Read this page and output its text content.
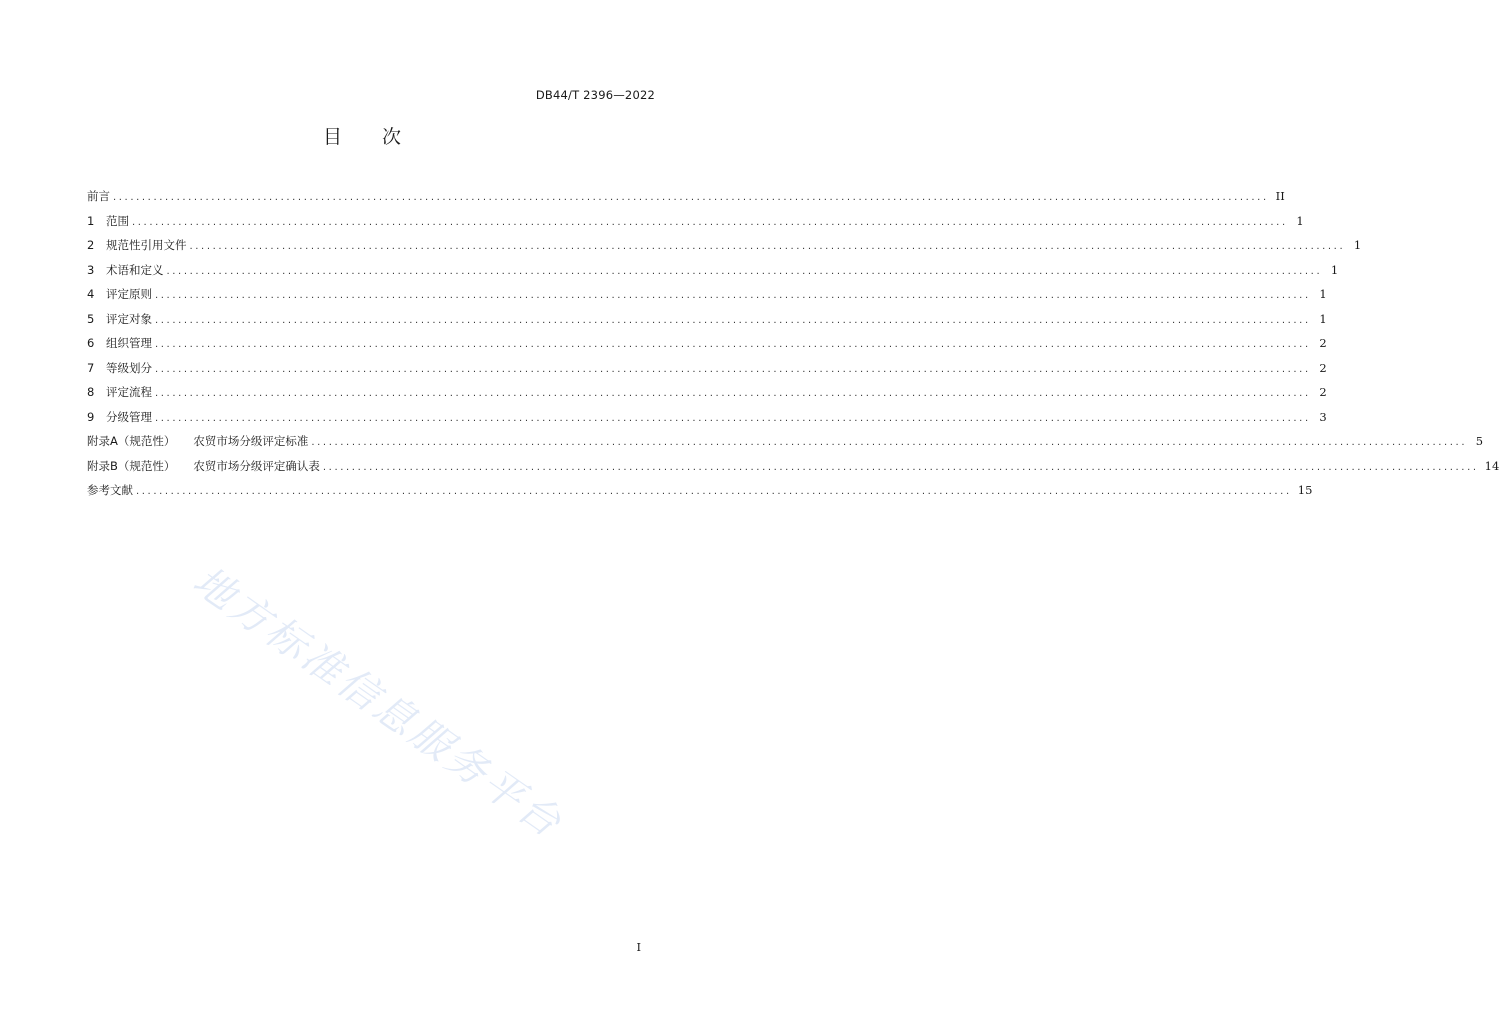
DB44/T 2396—2022
目次
前言 ........................................................................................................................................................................................................ II
1 范围 ........................................................................................................................................................................................................ 1
2 规范性引用文件 ........................................................................................................................................................................................................ 1
3 术语和定义 ........................................................................................................................................................................................................ 1
4 评定原则 ........................................................................................................................................................................................................ 1
5 评定对象 ........................................................................................................................................................................................................ 1
6 组织管理 ........................................................................................................................................................................................................ 2
7 等级划分 ........................................................................................................................................................................................................ 2
8 评定流程 ........................................................................................................................................................................................................ 2
9 分级管理 ........................................................................................................................................................................................................ 3
附录A（规范性） 农贸市场分级评定标准 ........................................................................................................................................................................................................ 5
附录B（规范性） 农贸市场分级评定确认表 ........................................................................................................................................................................................................ 14
参考文献 ........................................................................................................................................................................................................ 15
地方标准信息服务平台
I
